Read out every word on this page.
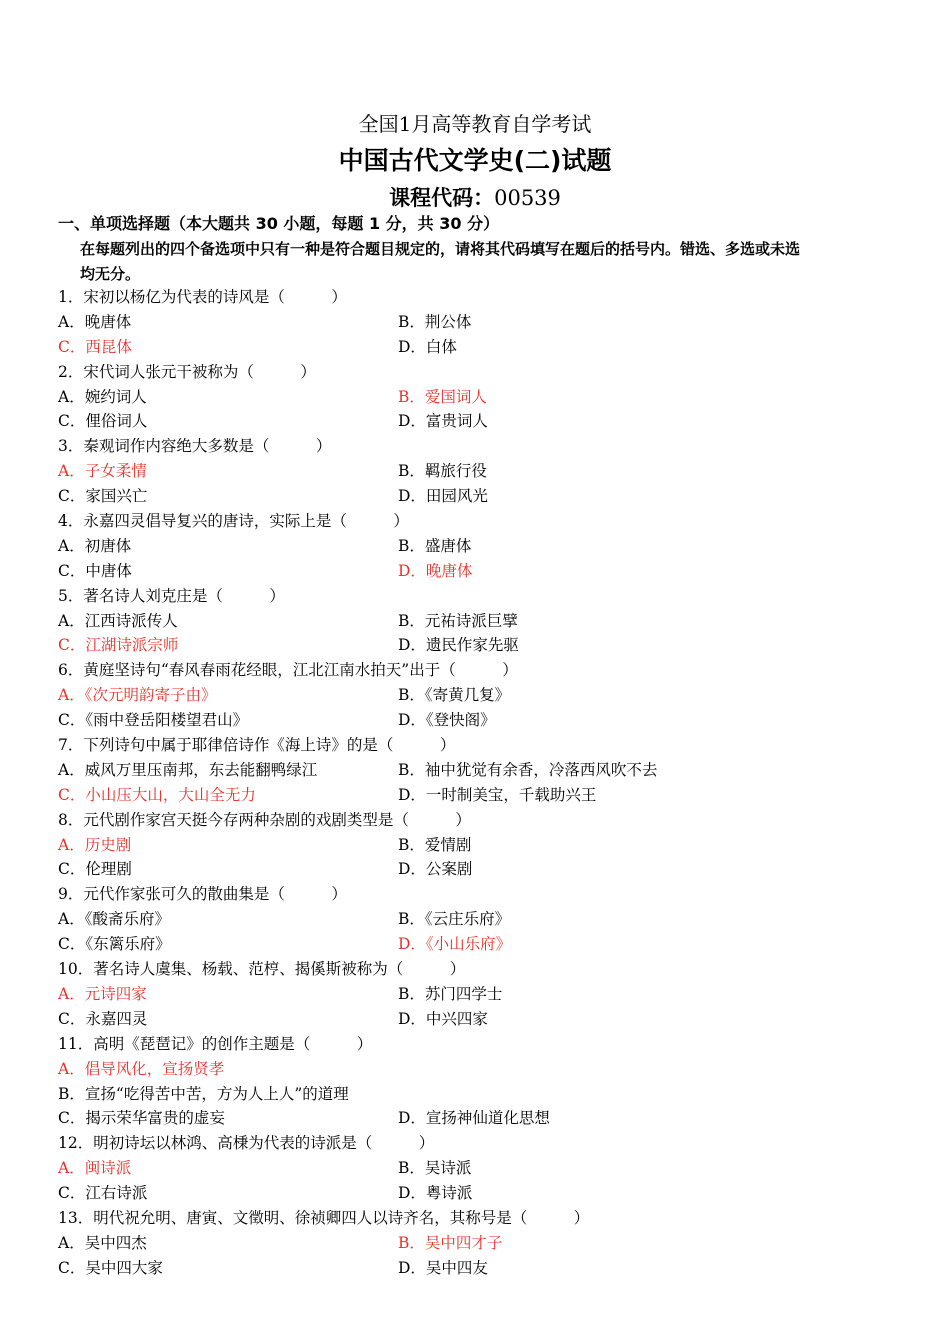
全国1月高等教育自学考试
中国古代文学史(二)试题
课程代码：00539
一、单项选择题（本大题共 30 小题，每题 1 分，共 30 分）
在每题列出的四个备选项中只有一种是符合题目规定的，请将其代码填写在题后的括号内。错选、多选或未选
均无分。
1．宋初以杨亿为代表的诗风是（　　　）
A．晚唐体	B．荆公体
C．西昆体	D．白体
2．宋代词人张元干被称为（　　　）
A．婉约词人	B．爱国词人
C．俚俗词人	D．富贵词人
3．秦观词作内容绝大多数是（　　　）
A．子女柔情	B．羁旅行役
C．家国兴亡	D．田园风光
4．永嘉四灵倡导复兴的唐诗，实际上是（　　　）
A．初唐体	B．盛唐体
C．中唐体	D．晚唐体
5．著名诗人刘克庄是（　　　）
A．江西诗派传人	B．元祐诗派巨擘
C．江湖诗派宗师	D．遗民作家先驱
6．黄庭坚诗句“春风春雨花经眼，江北江南水拍天”出于（　　　）
A．《次元明韵寄子由》	B．《寄黄几复》
C．《雨中登岳阳楼望君山》	D．《登快阁》
7．下列诗句中属于耶律倍诗作《海上诗》的是（　　　）
A．威风万里压南邦，东去能翻鸭绿江	B．袖中犹觉有余香，冷落西风吹不去
C．小山压大山，大山全无力	D．一时制美宝，千载助兴王
8．元代剧作家宫天挺今存两种杂剧的戏剧类型是（　　　）
A．历史剧	B．爱情剧
C．伦理剧	D．公案剧
9．元代作家张可久的散曲集是（　　　）
A．《酸斋乐府》	B．《云庄乐府》
C．《东篱乐府》	D．《小山乐府》
10．著名诗人虞集、杨载、范梈、揭傒斯被称为（　　　）
A．元诗四家	B．苏门四学士
C．永嘉四灵	D．中兴四家
11．高明《琵琶记》的创作主题是（　　　）
A．倡导风化，宣扬贤孝
B．宣扬“吃得苦中苦，方为人上人”的道理
C．揭示荣华富贵的虚妄	D．宣扬神仙道化思想
12．明初诗坛以林鸿、高棅为代表的诗派是（　　　）
A．闽诗派	B．吴诗派
C．江右诗派	D．粤诗派
13．明代祝允明、唐寅、文徵明、徐祯卿四人以诗齐名，其称号是（　　　）
A．吴中四杰	B．吴中四才子
C．吴中四大家	D．吴中四友
